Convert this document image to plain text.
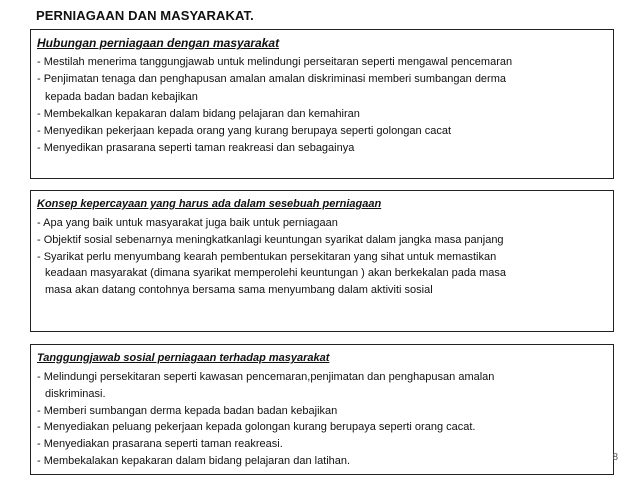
PERNIAGAAN DAN MASYARAKAT.
Hubungan perniagaan dengan masyarakat
- Mestilah menerima tanggungjawab untuk melindungi perseitaran seperti mengawal pencemaran
- Penjimatan tenaga dan penghapusan amalan amalan diskriminasi memberi sumbangan derma
kepada badan badan kebajikan
- Membekalkan kepakaran dalam bidang pelajaran dan kemahiran
- Menyedikan pekerjaan kepada orang yang kurang berupaya seperti golongan cacat
- Menyedikan prasarana seperti taman reakreasi dan sebagainya
Konsep kepercayaan yang harus ada dalam sesebuah perniagaan
- Apa yang baik untuk masyarakat juga baik untuk perniagaan
- Objektif sosial sebenarnya meningkatkanlagi keuntungan syarikat dalam jangka masa panjang
- Syarikat perlu menyumbang kearah pembentukan persekitaran yang sihat untuk memastikan
keadaan masyarakat (dimana syarikat memperolehi keuntungan ) akan berkekalan pada masa
masa akan datang contohnya bersama sama menyumbang dalam aktiviti sosial
Tanggungjawab sosial perniagaan terhadap masyarakat
- Melindungi persekitaran seperti kawasan pencemaran,penjimatan dan penghapusan amalan
diskriminasi.
- Memberi sumbangan derma kepada badan badan kebajikan
- Menyediakan peluang pekerjaan kepada golongan kurang berupaya seperti orang cacat.
- Menyediakan prasarana seperti taman reakreasi.
- Membekalakan kepakaran dalam bidang pelajaran dan latihan.	8
